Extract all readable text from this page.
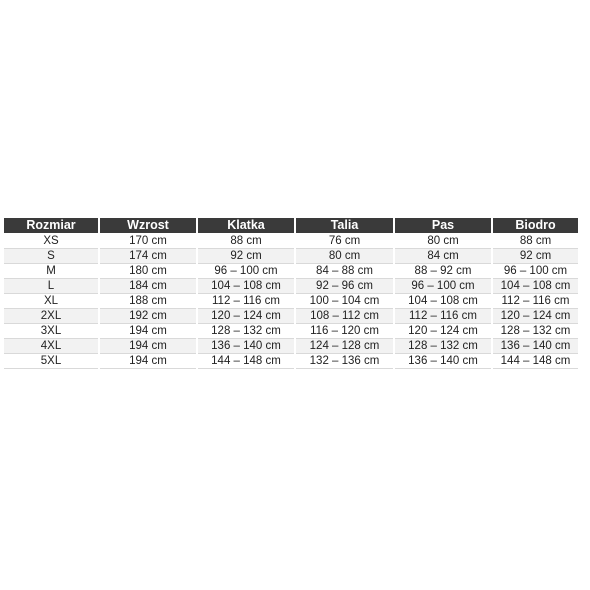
Rozmiar	Wzrost	Klatka	Talia	Pas	Biodro
XS	170 cm	88 cm	76 cm	80 cm	88 cm
S	174 cm	92 cm	80 cm	84 cm	92 cm
M	180 cm	96 – 100 cm	84 – 88 cm	88 – 92 cm	96 – 100 cm
L	184 cm	104 – 108 cm	92 – 96 cm	96 – 100 cm	104 – 108 cm
XL	188 cm	112 – 116 cm	100 – 104 cm	104 – 108 cm	112 – 116 cm
2XL	192 cm	120 – 124 cm	108 – 112 cm	112 – 116 cm	120 – 124 cm
3XL	194 cm	128 – 132 cm	116 – 120 cm	120 – 124 cm	128 – 132 cm
4XL	194 cm	136 – 140 cm	124 – 128 cm	128 – 132 cm	136 – 140 cm
5XL	194 cm	144 – 148 cm	132 – 136 cm	136 – 140 cm	144 – 148 cm
